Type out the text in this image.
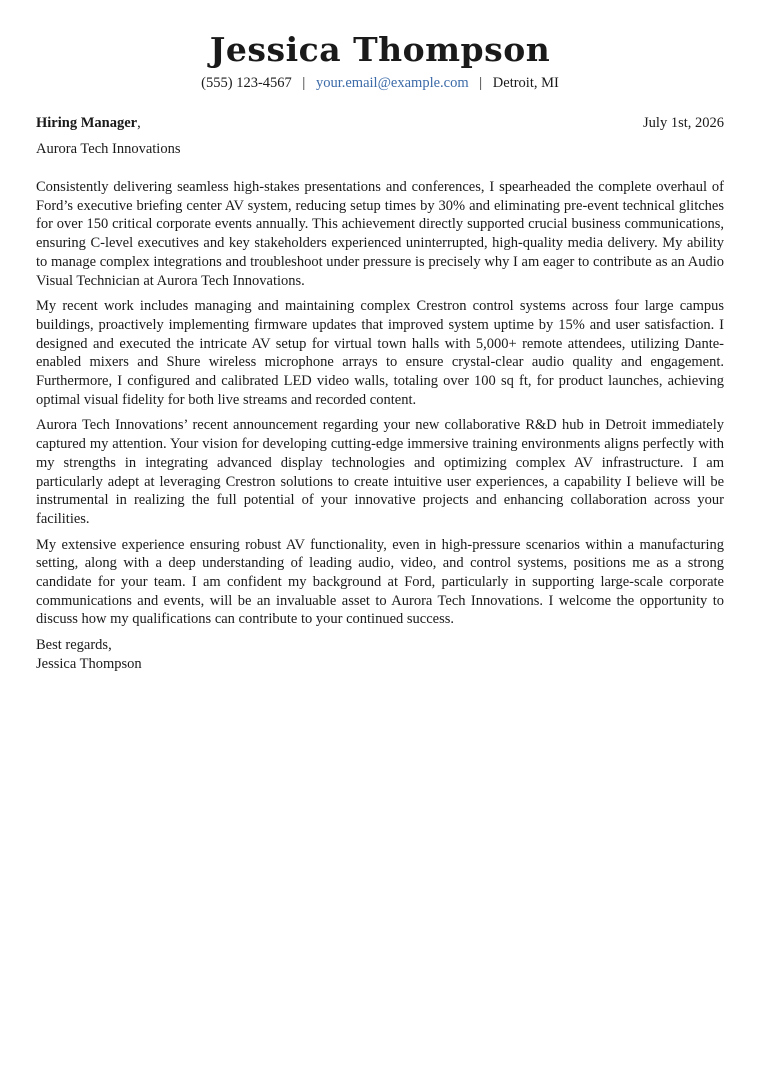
Jessica Thompson
(555) 123-4567 | your.email@example.com | Detroit, MI
Hiring Manager,	July 1st, 2026
Aurora Tech Innovations

Consistently delivering seamless high-stakes presentations and conferences, I spearheaded the complete overhaul of Ford’s executive briefing center AV system, reducing setup times by 30% and eliminating pre-event technical glitches for over 150 critical corporate events annually. This achievement directly supported crucial business communications, ensuring C-level executives and key stakeholders experienced uninterrupted, high-quality media delivery. My ability to manage complex integrations and troubleshoot under pressure is precisely why I am eager to contribute as an Audio Visual Technician at Aurora Tech Innovations.

My recent work includes managing and maintaining complex Crestron control systems across four large campus buildings, proactively implementing firmware updates that improved system uptime by 15% and user satisfaction. I designed and executed the intricate AV setup for virtual town halls with 5,000+ remote attendees, utilizing Dante-enabled mixers and Shure wireless microphone arrays to ensure crystal-clear audio quality and engagement. Furthermore, I configured and calibrated LED video walls, totaling over 100 sq ft, for product launches, achieving optimal visual fidelity for both live streams and recorded content.

Aurora Tech Innovations’ recent announcement regarding your new collaborative R&D hub in Detroit immediately captured my attention. Your vision for developing cutting-edge immersive training environments aligns perfectly with my strengths in integrating advanced display technologies and optimizing complex AV infrastructure. I am particularly adept at leveraging Crestron solutions to create intuitive user experiences, a capability I believe will be instrumental in realizing the full potential of your innovative projects and enhancing collaboration across your facilities.

My extensive experience ensuring robust AV functionality, even in high-pressure scenarios within a manufacturing setting, along with a deep understanding of leading audio, video, and control systems, positions me as a strong candidate for your team. I am confident my background at Ford, particularly in supporting large-scale corporate communications and events, will be an invaluable asset to Aurora Tech Innovations. I welcome the opportunity to discuss how my qualifications can contribute to your continued success.

Best regards,
Jessica Thompson
